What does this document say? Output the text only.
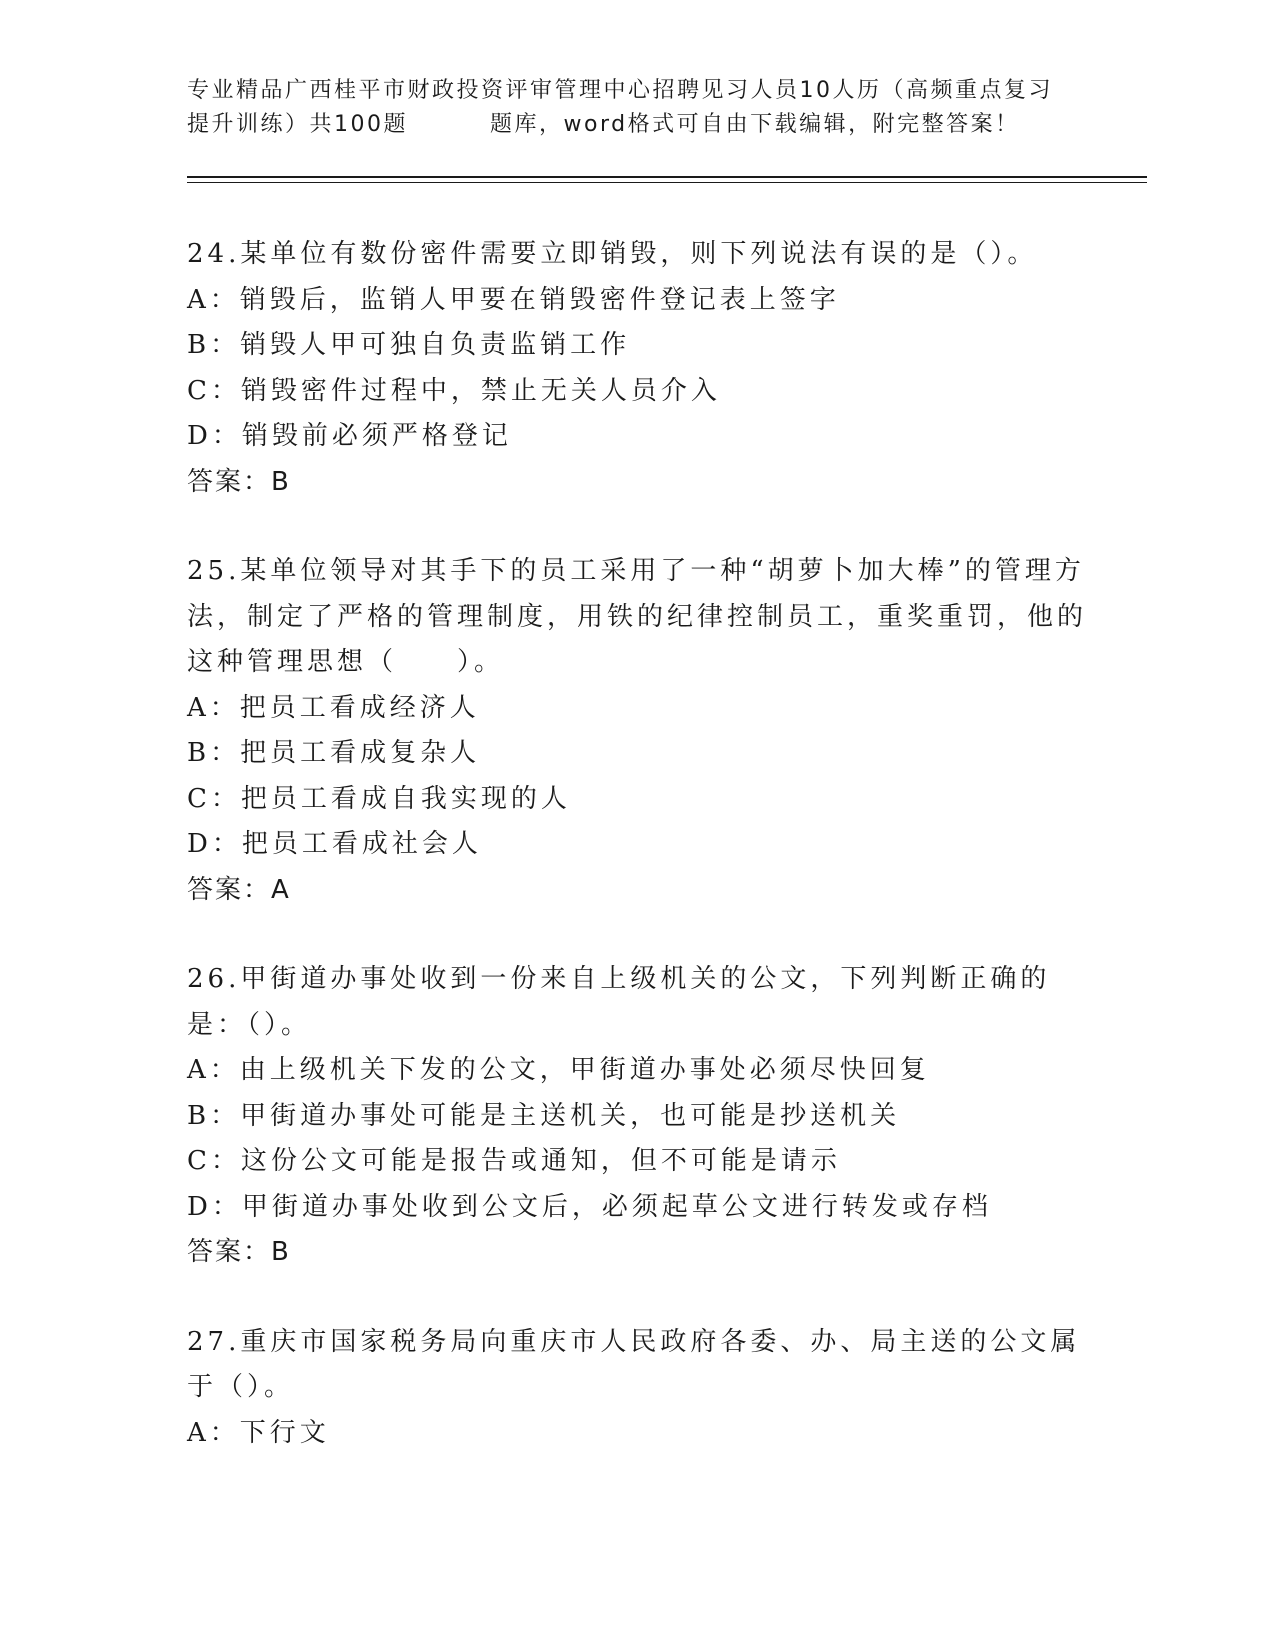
专业精品广西桂平市财政投资评审管理中心招聘见习人员10人历（高频重点复习
提升训练）共100题	题库，word格式可自由下载编辑，附完整答案！

24.某单位有数份密件需要立即销毁，则下列说法有误的是（）。

A：销毁后，监销人甲要在销毁密件登记表上签字
B：销毁人甲可独自负责监销工作
C：销毁密件过程中，禁止无关人员介入
D：销毁前必须严格登记
答案：B

25.某单位领导对其手下的员工采用了一种“胡萝卜加大棒”的管理方法，制定了严格的管理制度，用铁的纪律控制员工，重奖重罚，他的这种管理思想（　　）。

A：把员工看成经济人
B：把员工看成复杂人
C：把员工看成自我实现的人
D：把员工看成社会人
答案：A

26.甲街道办事处收到一份来自上级机关的公文，下列判断正确的是：（）。

A：由上级机关下发的公文，甲街道办事处必须尽快回复
B：甲街道办事处可能是主送机关，也可能是抄送机关
C：这份公文可能是报告或通知，但不可能是请示
D：甲街道办事处收到公文后，必须起草公文进行转发或存档
答案：B

27.重庆市国家税务局向重庆市人民政府各委、办、局主送的公文属于（）。

A：下行文
